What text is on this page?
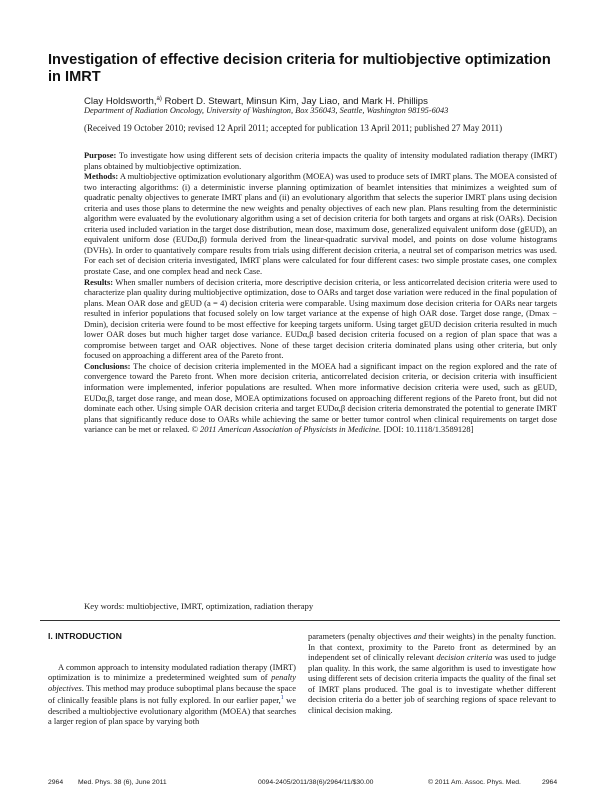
Investigation of effective decision criteria for multiobjective optimization in IMRT
Clay Holdsworth,$^{a)}$ Robert D. Stewart, Minsun Kim, Jay Liao, and Mark H. Phillips
Department of Radiation Oncology, University of Washington, Box 356043, Seattle, Washington 98195-6043
(Received 19 October 2010; revised 12 April 2011; accepted for publication 13 April 2011; published 27 May 2011)

Purpose: To investigate how using different sets of decision criteria impacts the quality of intensity modulated radiation therapy (IMRT) plans obtained by multiobjective optimization.

Methods: A multiobjective optimization evolutionary algorithm (MOEA) was used to produce sets of IMRT plans. The MOEA consisted of two interacting algorithms: (i) a deterministic inverse planning optimization of beamlet intensities that minimizes a weighted sum of quadratic penalty objectives to generate IMRT plans and (ii) an evolutionary algorithm that selects the superior IMRT plans using decision criteria and uses those plans to determine the new weights and penalty objectives of each new plan. Plans resulting from the deterministic algorithm were evaluated by the evolutionary algorithm using a set of decision criteria for both targets and organs at risk (OARs). Decision criteria used included variation in the target dose distribution, mean dose, maximum dose, generalized equivalent uniform dose (gEUD), an equivalent uniform dose (EUDα,β) formula derived from the linear-quadratic survival model, and points on dose volume histograms (DVHs). In order to quantatively compare results from trials using different decision criteria, a neutral set of comparison metrics was used. For each set of decision criteria investigated, IMRT plans were calculated for four different cases: two simple prostate cases, one complex prostate Case, and one complex head and neck Case.

Results: When smaller numbers of decision criteria, more descriptive decision criteria, or less anticorrelated decision criteria were used to characterize plan quality during multiobjective optimization, dose to OARs and target dose variation were reduced in the final population of plans. Mean OAR dose and gEUD (a = 4) decision criteria were comparable. Using maximum dose decision criteria for OARs near targets resulted in inferior populations that focused solely on low target variance at the expense of high OAR dose. Target dose range, (Dmax − Dmin), decision criteria were found to be most effective for keeping targets uniform. Using target gEUD decision criteria resulted in much lower OAR doses but much higher target dose variance. EUDα,β based decision criteria focused on a region of plan space that was a compromise between target and OAR objectives. None of these target decision criteria dominated plans using other criteria, but only focused on approaching a different area of the Pareto front.

Conclusions: The choice of decision criteria implemented in the MOEA had a significant impact on the region explored and the rate of convergence toward the Pareto front. When more decision criteria, anticorrelated decision criteria, or decision criteria with insufficient information were implemented, inferior populations are resulted. When more informative decision criteria were used, such as gEUD, EUDα,β, target dose range, and mean dose, MOEA optimizations focused on approaching different regions of the Pareto front, but did not dominate each other. Using simple OAR decision criteria and target EUDα,β decision criteria demonstrated the potential to generate IMRT plans that significantly reduce dose to OARs while achieving the same or better tumor control when clinical requirements on target dose variance can be met or relaxed. © 2011 American Association of Physicists in Medicine. [DOI: 10.1118/1.3589128]

Key words: multiobjective, IMRT, optimization, radiation therapy

I. INTRODUCTION

A common approach to intensity modulated radiation therapy (IMRT) optimization is to minimize a predetermined weighted sum of penalty objectives. This method may produce suboptimal plans because the space of clinically feasible plans is not fully explored. In our earlier paper,$^1$ we described a multiobjective evolutionary algorithm (MOEA) that searches a larger region of plan space by varying both

parameters (penalty objectives and their weights) in the penalty function. In that context, proximity to the Pareto front as determined by an independent set of clinically relevant decision criteria was used to judge plan quality. In this work, the same algorithm is used to investigate how using different sets of decision criteria impacts the quality of the final set of IMRT plans produced. The goal is to investigate whether different decision criteria do a better job of searching regions of space relevant to clinical decision making.

2964 Med. Phys. 38 (6), June 2011	0094-2405/2011/38(6)/2964/11/$30.00	© 2011 Am. Assoc. Phys. Med.	2964
